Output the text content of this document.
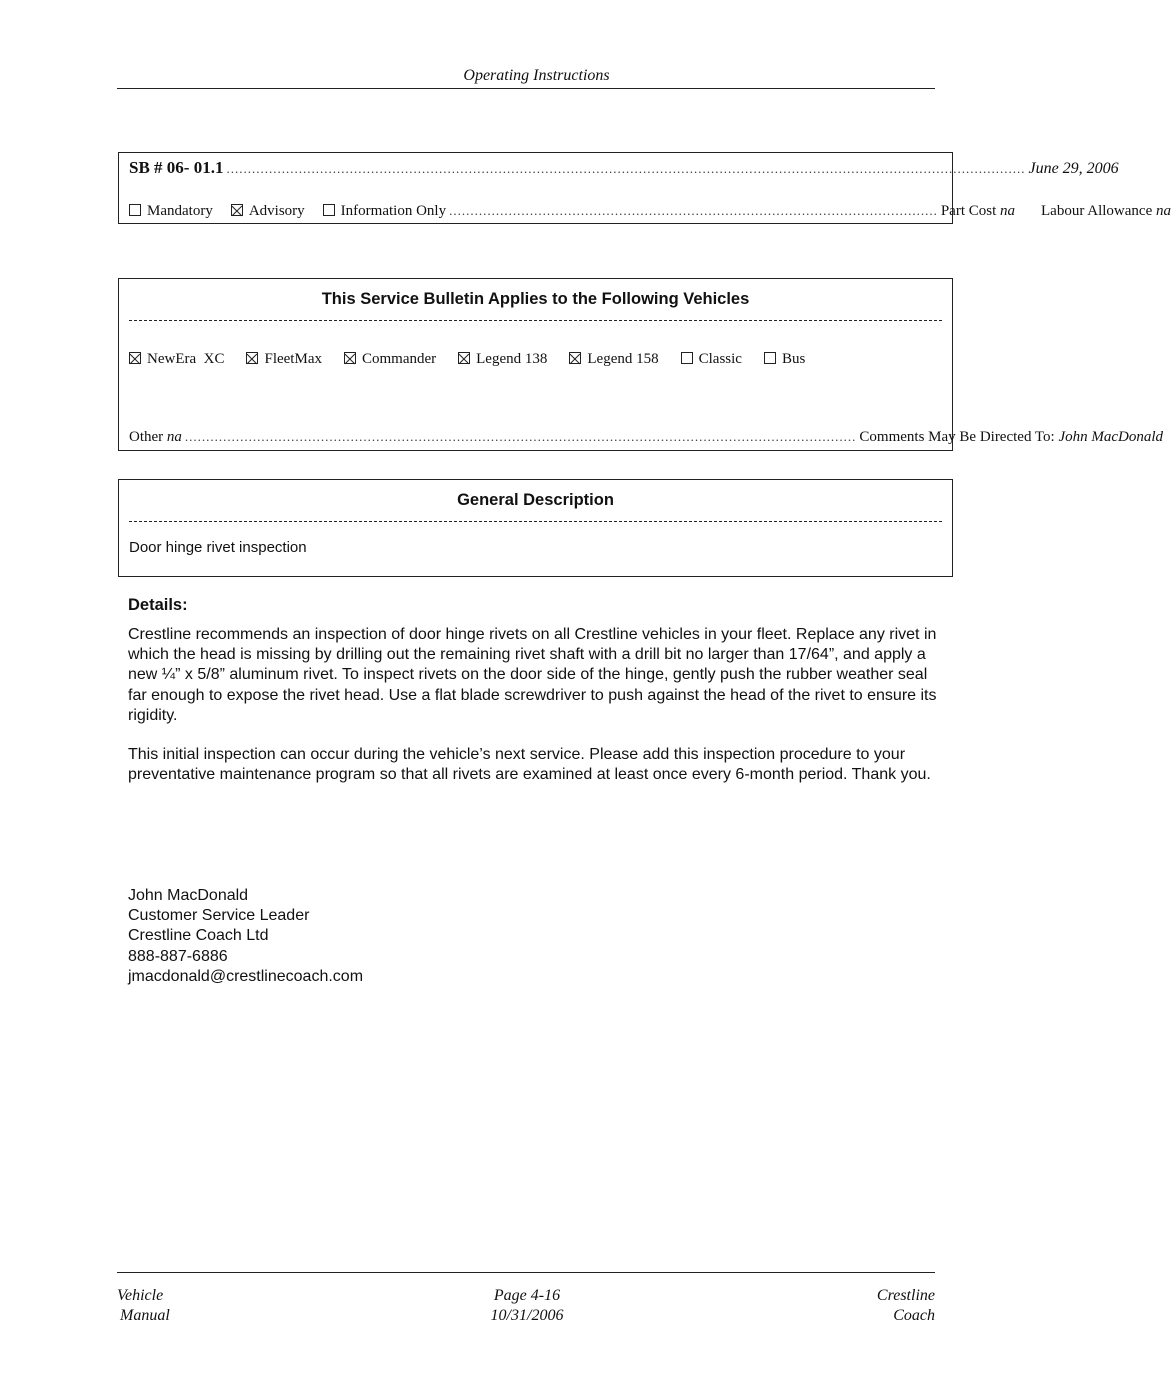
Operating Instructions
SB # 06- 01.1 ............................................................................................................................................................................................ June 29, 2006
Mandatory	Advisory	Information Only ................................................................................................................... Part Cost
na Labour Allowance
na
This Service Bulletin Applies to the Following Vehicles
NewEra  XC	FleetMax	Commander	Legend 138	Legend 158	Classic	Bus
Other
na .............................................................................................................................................................. Comments May Be Directed To:
John MacDonald
General Description
Door hinge rivet inspection
Details:
Crestline recommends an inspection of door hinge rivets on all Crestline vehicles in your fleet. Replace any rivet in which the head is missing by drilling out the remaining rivet shaft with a drill bit no larger than 17/64”, and apply a new ¼” x 5/8” aluminum rivet. To inspect rivets on the door side of the hinge, gently push the rubber weather seal far enough to expose the rivet head. Use a flat blade screwdriver to push against the head of the rivet to ensure its rigidity.
This initial inspection can occur during the vehicle’s next service. Please add this inspection procedure to your preventative maintenance program so that all rivets are examined at least once every 6-month period. Thank you.
John MacDonald
Customer Service Leader
Crestline Coach Ltd
888-887-6886
jmacdonald@crestlinecoach.com
Vehicle
Manual
Page 4-16
10/31/2006
Crestline
Coach
